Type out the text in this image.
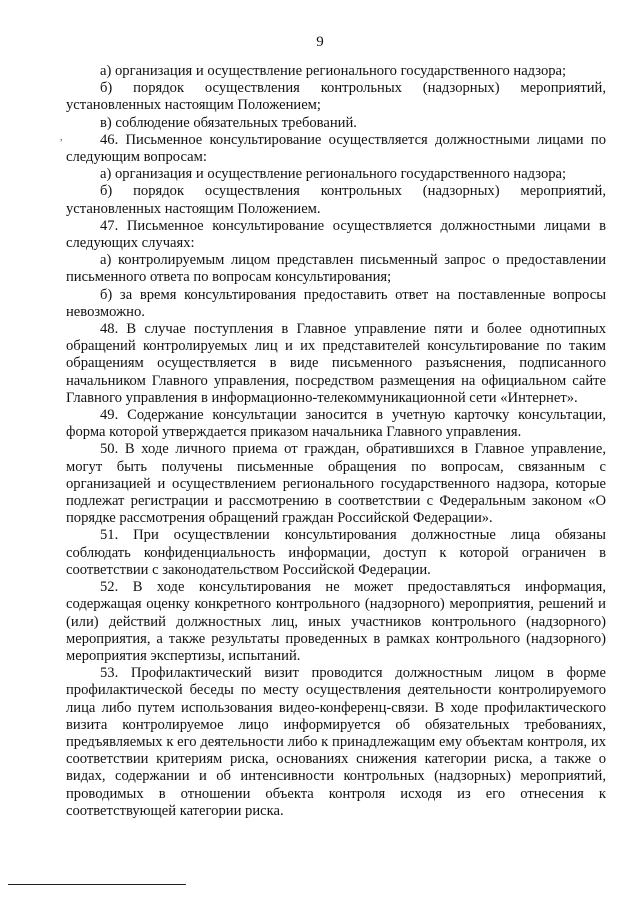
9
,

а) организация и осуществление регионального государственного надзора;

б) порядок осуществления контрольных (надзорных) мероприятий, установленных настоящим Положением;

в) соблюдение обязательных требований.

46. Письменное консультирование осуществляется должностными лицами по следующим вопросам:

а) организация и осуществление регионального государственного надзора;

б) порядок осуществления контрольных (надзорных) мероприятий, установленных настоящим Положением.

47. Письменное консультирование осуществляется должностными лицами в следующих случаях:

а) контролируемым лицом представлен письменный запрос о предоставлении письменного ответа по вопросам консультирования;

б) за время консультирования предоставить ответ на поставленные вопросы невозможно.

48. В случае поступления в Главное управление пяти и более однотипных обращений контролируемых лиц и их представителей консультирование по таким обращениям осуществляется в виде письменного разъяснения, подписанного начальником Главного управления, посредством размещения на официальном сайте Главного управления в информационно-телекоммуникационной сети «Интернет».

49. Содержание консультации заносится в учетную карточку консультации, форма которой утверждается приказом начальника Главного управления.

50. В ходе личного приема от граждан, обратившихся в Главное управление, могут быть получены письменные обращения по вопросам, связанным с организацией и осуществлением регионального государственного надзора, которые подлежат регистрации и рассмотрению в соответствии с Федеральным законом «О порядке рассмотрения обращений граждан Российской Федерации».

51. При осуществлении консультирования должностные лица обязаны соблюдать конфиденциальность информации, доступ к которой ограничен в соответствии с законодательством Российской Федерации.

52. В ходе консультирования не может предоставляться информация, содержащая оценку конкретного контрольного (надзорного) мероприятия, решений и (или) действий должностных лиц, иных участников контрольного (надзорного) мероприятия, а также результаты проведенных в рамках контрольного (надзорного) мероприятия экспертизы, испытаний.

53. Профилактический визит проводится должностным лицом в форме профилактической беседы по месту осуществления деятельности контролируемого лица либо путем использования видео-конференц-связи. В ходе профилактического визита контролируемое лицо информируется об обязательных требованиях, предъявляемых к его деятельности либо к принадлежащим ему объектам контроля, их соответствии критериям риска, основаниях снижения категории риска, а также о видах, содержании и об интенсивности контрольных (надзорных) мероприятий, проводимых в отношении объекта контроля исходя из его отнесения к соответствующей категории риска.
